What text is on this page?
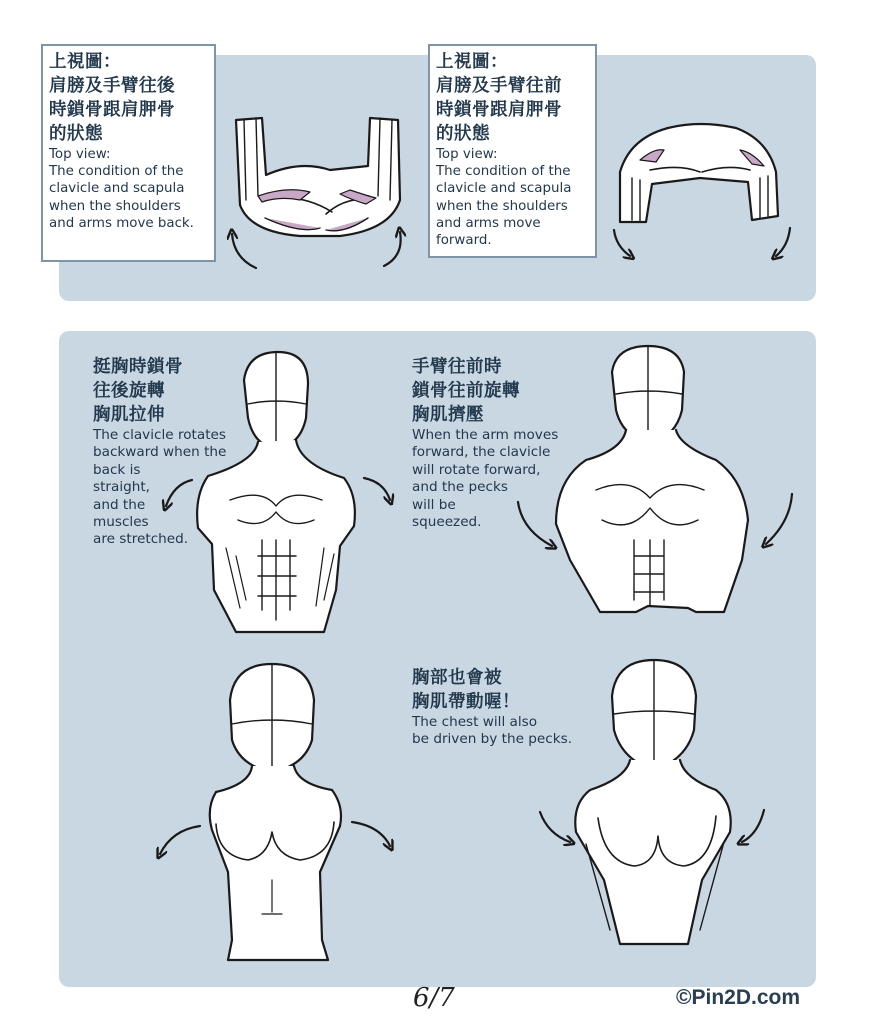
上視圖：
肩膀及手臂往後
時鎖骨跟肩胛骨
的狀態

Top view:
The condition of the
clavicle and scapula
when the shoulders
and arms move back.

上視圖：
肩膀及手臂往前
時鎖骨跟肩胛骨
的狀態

Top view:
The condition of the
clavicle and scapula
when the shoulders
and arms move
forward.

挺胸時鎖骨
往後旋轉
胸肌拉伸

The clavicle rotates
backward when the
back is
straight,
and the
muscles
are stretched.

手臂往前時
鎖骨往前旋轉
胸肌擠壓

When the arm moves
forward, the clavicle
will rotate forward,
and the pecks
will be
squeezed.

胸部也會被
胸肌帶動喔！

The chest will also
be driven by the pecks.

6/7	©Pin2D.com
